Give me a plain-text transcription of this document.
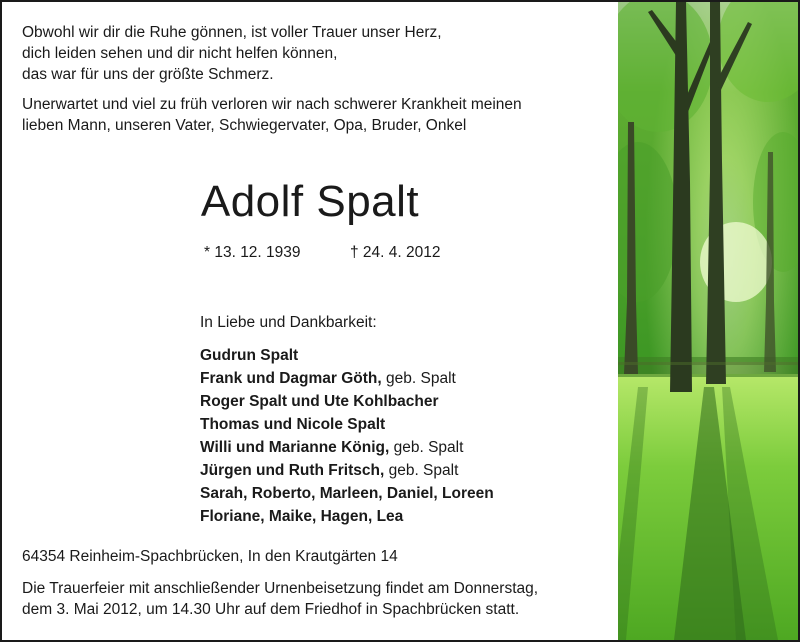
Obwohl wir dir die Ruhe gönnen, ist voller Trauer unser Herz,
dich leiden sehen und dir nicht helfen können,
das war für uns der größte Schmerz.

Unerwartet und viel zu früh verloren wir nach schwerer Krankheit meinen
lieben Mann, unseren Vater, Schwiegervater, Opa, Bruder, Onkel

Adolf Spalt
* 13. 12. 1939	† 24. 4. 2012

In Liebe und Dankbarkeit:

Gudrun Spalt
Frank und Dagmar Göth, geb. Spalt
Roger Spalt und Ute Kohlbacher
Thomas und Nicole Spalt
Willi und Marianne König, geb. Spalt
Jürgen und Ruth Fritsch, geb. Spalt
Sarah, Roberto, Marleen, Daniel, Loreen
Floriane, Maike, Hagen, Lea

64354 Reinheim-Spachbrücken, In den Krautgärten 14

Die Trauerfeier mit anschließender Urnenbeisetzung findet am Donnerstag,
dem 3. Mai 2012, um 14.30 Uhr auf dem Friedhof in Spachbrücken statt.
